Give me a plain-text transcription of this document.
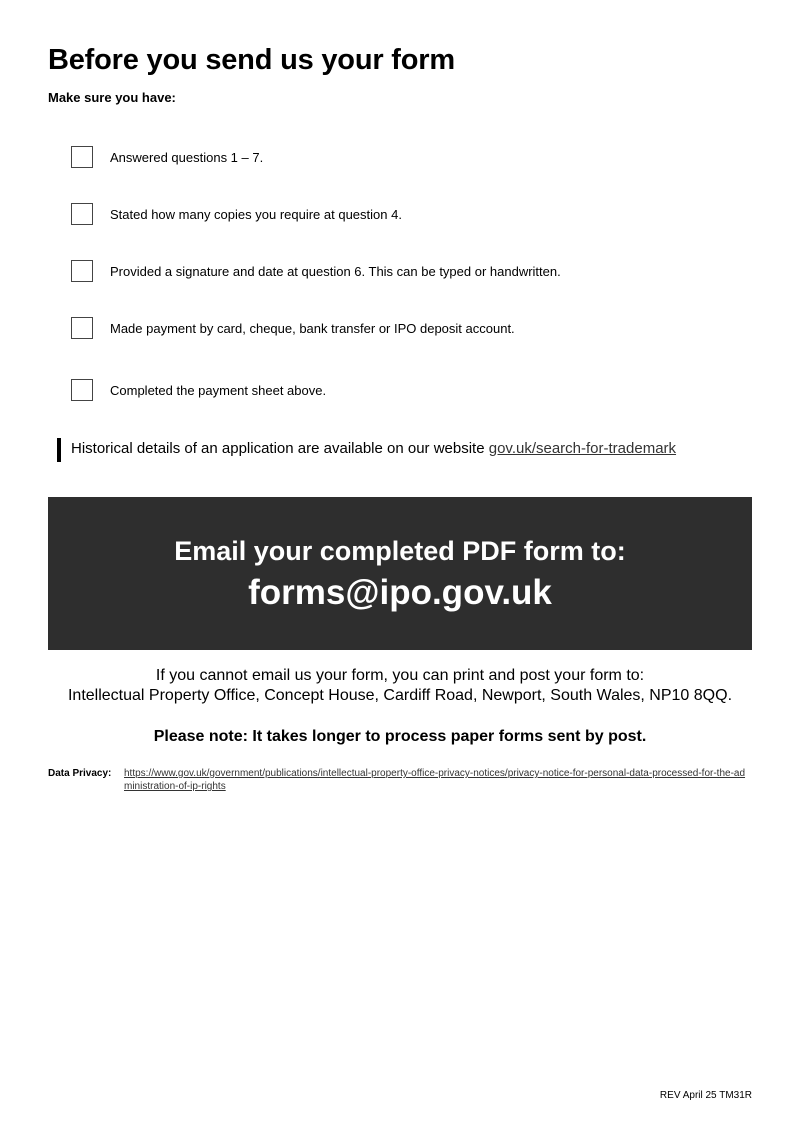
Before you send us your form
Make sure you have:
Answered questions 1 – 7.
Stated how many copies you require at question 4.
Provided a signature and date at question 6. This can be typed or handwritten.
Made payment by card, cheque, bank transfer or IPO deposit account.
Completed the payment sheet above.
Historical details of an application are available on our website gov.uk/search-for-trademark
Email your completed PDF form to:
forms@ipo.gov.uk
If you cannot email us your form, you can print and post your form to:
Intellectual Property Office, Concept House, Cardiff Road, Newport, South Wales, NP10 8QQ.
Please note: It takes longer to process paper forms sent by post.
Data Privacy: https://www.gov.uk/government/publications/intellectual-property-office-privacy-notices/privacy-notice-for-personal-data-processed-for-the-administration-of-ip-rights
REV April 25 TM31R
